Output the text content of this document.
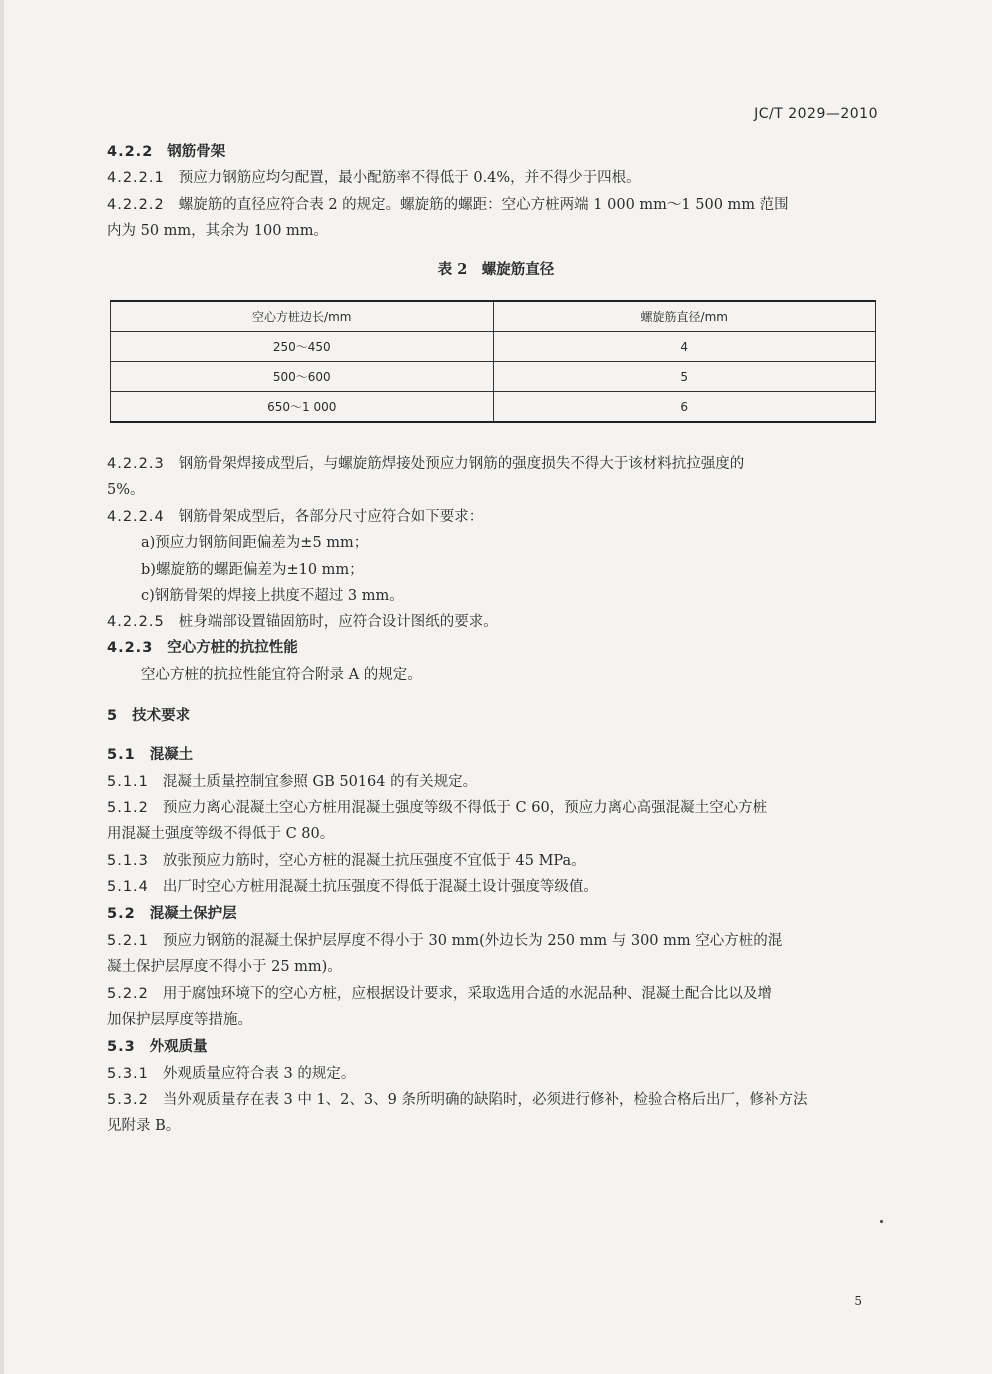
JC/T 2029—2010
4.2.2 钢筋骨架
4.2.2.1 预应力钢筋应均匀配置，最小配筋率不得低于 0.4%，并不得少于四根。
4.2.2.2 螺旋筋的直径应符合表 2 的规定。螺旋筋的螺距：空心方桩两端 1 000 mm～1 500 mm 范围
内为 50 mm，其余为 100 mm。
表 2　螺旋筋直径
空心方桩边长/mm	螺旋筋直径/mm
250～450	4
500～600	5
650～1 000	6
4.2.2.3 钢筋骨架焊接成型后，与螺旋筋焊接处预应力钢筋的强度损失不得大于该材料抗拉强度的
5%。
4.2.2.4 钢筋骨架成型后，各部分尺寸应符合如下要求：
a)预应力钢筋间距偏差为±5 mm；
b)螺旋筋的螺距偏差为±10 mm；
c)钢筋骨架的焊接上拱度不超过 3 mm。
4.2.2.5 桩身端部设置锚固筋时，应符合设计图纸的要求。
4.2.3 空心方桩的抗拉性能
空心方桩的抗拉性能宜符合附录 A 的规定。
5 技术要求
5.1 混凝土
5.1.1 混凝土质量控制宜参照 GB 50164 的有关规定。
5.1.2 预应力离心混凝土空心方桩用混凝土强度等级不得低于 C 60，预应力离心高强混凝土空心方桩
用混凝土强度等级不得低于 C 80。
5.1.3 放张预应力筋时，空心方桩的混凝土抗压强度不宜低于 45 MPa。
5.1.4 出厂时空心方桩用混凝土抗压强度不得低于混凝土设计强度等级值。
5.2 混凝土保护层
5.2.1 预应力钢筋的混凝土保护层厚度不得小于 30 mm(外边长为 250 mm 与 300 mm 空心方桩的混
凝土保护层厚度不得小于 25 mm)。
5.2.2 用于腐蚀环境下的空心方桩，应根据设计要求，采取选用合适的水泥品种、混凝土配合比以及增
加保护层厚度等措施。
5.3 外观质量
5.3.1 外观质量应符合表 3 的规定。
5.3.2 当外观质量存在表 3 中 1、2、3、9 条所明确的缺陷时，必须进行修补，检验合格后出厂，修补方法
见附录 B。
5
